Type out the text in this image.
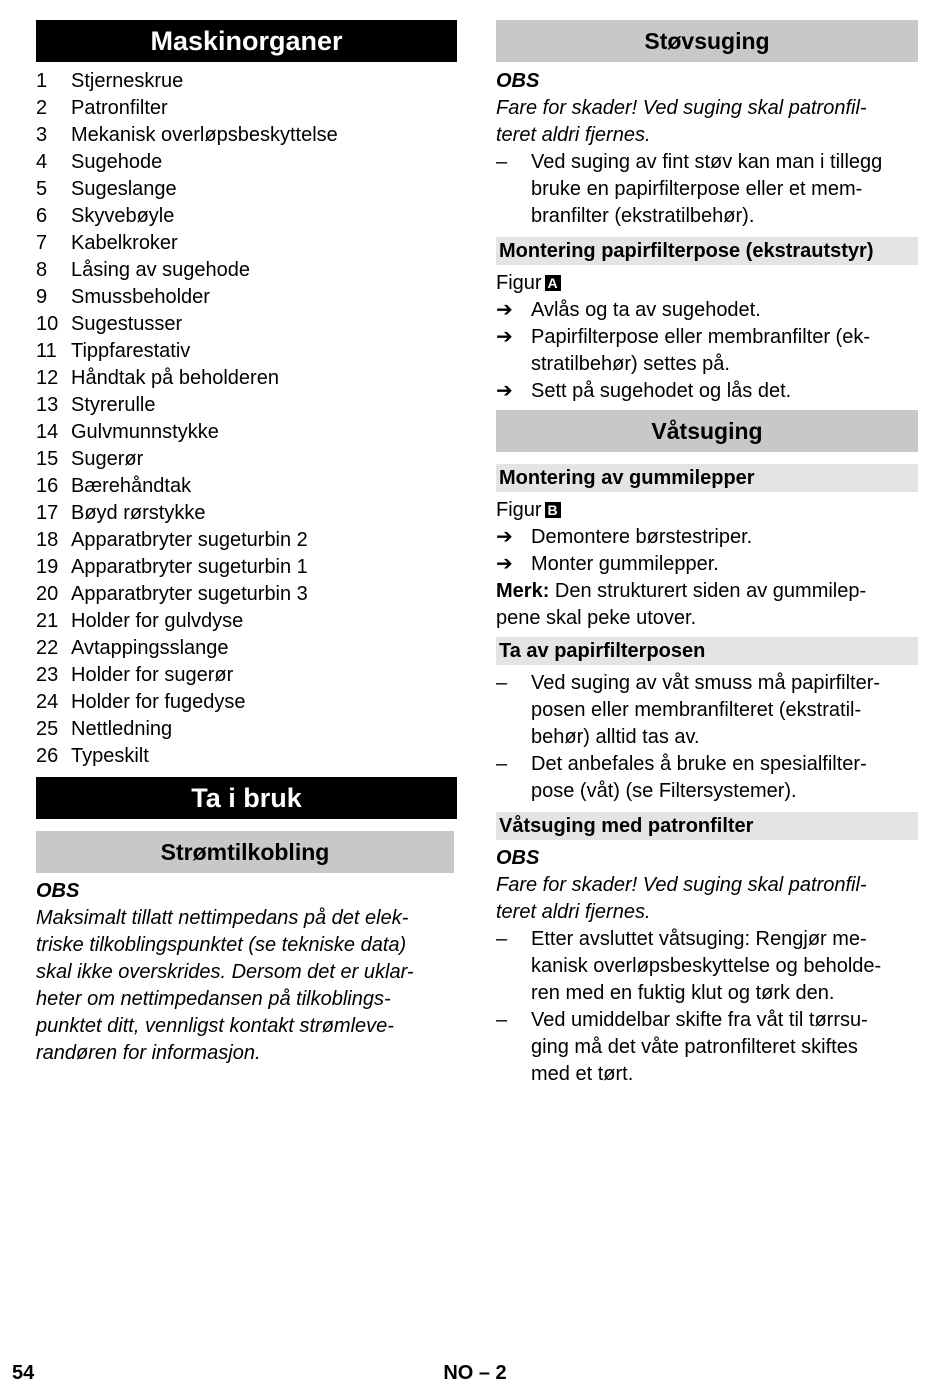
Maskinorganer
1	Stjerneskrue
2	Patronfilter
3	Mekanisk overløpsbeskyttelse
4	Sugehode
5	Sugeslange
6	Skyvebøyle
7	Kabelkroker
8	Låsing av sugehode
9	Smussbeholder
10 Sugestusser
11 Tippfarestativ
12 Håndtak på beholderen
13 Styrerulle
14 Gulvmunnstykke
15 Sugerør
16 Bærehåndtak
17 Bøyd rørstykke
18 Apparatbryter sugeturbin 2
19 Apparatbryter sugeturbin 1
20 Apparatbryter sugeturbin 3
21 Holder for gulvdyse
22 Avtappingsslange
23 Holder for sugerør
24 Holder for fugedyse
25 Nettledning
26 Typeskilt
Ta i bruk
Strømtilkobling
OBS
Maksimalt tillatt nettimpedans på det elek-
triske tilkoblingspunktet (se tekniske data)
skal ikke overskrides. Dersom det er uklar-
heter om nettimpedansen på tilkoblings-
punktet ditt, vennligst kontakt strømleve-
randøren for informasjon.
Støvsuging
OBS
Fare for skader! Ved suging skal patronfil-
teret aldri fjernes.
–	Ved suging av fint støv kan man i tillegg
bruke en papirfilterpose eller et mem-
branfilter (ekstratilbehør).
Montering papirfilterpose (ekstrautstyr)
Figur A
➔ Avlås og ta av sugehodet.
➔ Papirfilterpose eller membranfilter (ek-
stratilbehør) settes på.
➔ Sett på sugehodet og lås det.
Våtsuging
Montering av gummilepper
Figur B
➔ Demontere børstestriper.
➔ Monter gummilepper.
Merk: Den strukturert siden av gummilep-
pene skal peke utover.
Ta av papirfilterposen
–	Ved suging av våt smuss må papirfilter-
posen eller membranfilteret (ekstratil-
behør) alltid tas av.
–	Det anbefales å bruke en spesialfilter-
pose (våt) (se Filtersystemer).
Våtsuging med patronfilter
OBS
Fare for skader! Ved suging skal patronfil-
teret aldri fjernes.
–	Etter avsluttet våtsuging: Rengjør me-
kanisk overløpsbeskyttelse og beholde-
ren med en fuktig klut og tørk den.
–	Ved umiddelbar skifte fra våt til tørrsu-
ging må det våte patronfilteret skiftes
med et tørt.
54	NO – 2
